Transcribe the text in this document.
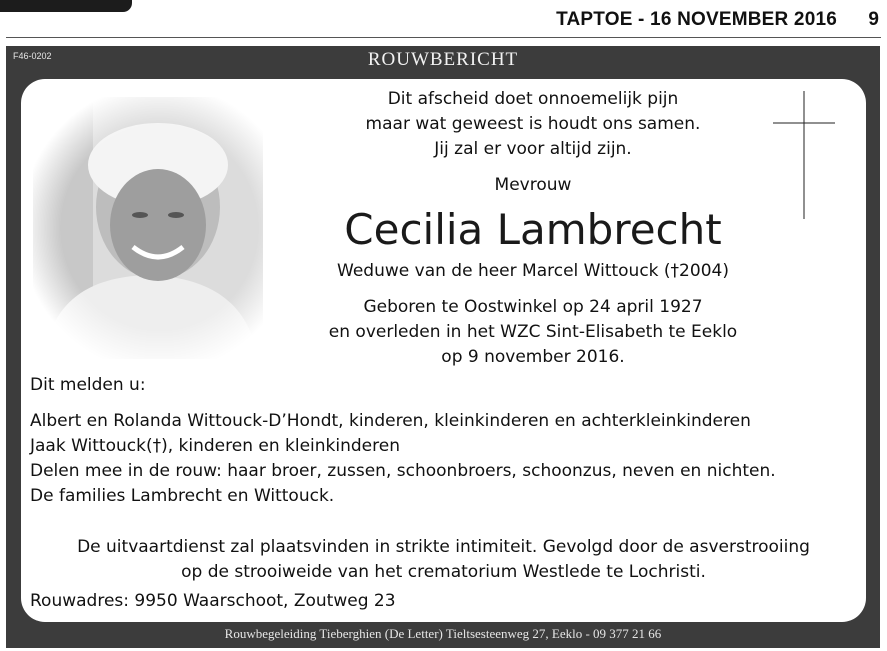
TAPTOE - 16 NOVEMBER 2016 9
F46-0202	ROUWBERICHT
Dit afscheid doet onnoemelijk pijn
maar wat geweest is houdt ons samen.
Jij zal er voor altijd zijn.
Mevrouw
Cecilia Lambrecht
Weduwe van de heer Marcel Wittouck (†2004)
Geboren te Oostwinkel op 24 april 1927
en overleden in het WZC Sint-Elisabeth te Eeklo
op 9 november 2016.
Dit melden u:
Albert en Rolanda Wittouck-D’Hondt, kinderen, kleinkinderen en achterkleinkinderen
Jaak Wittouck(†), kinderen en kleinkinderen
Delen mee in de rouw: haar broer, zussen, schoonbroers, schoonzus, neven en nichten.
De families Lambrecht en Wittouck.
De uitvaartdienst zal plaatsvinden in strikte intimiteit. Gevolgd door de asverstrooiing
op de strooiweide van het crematorium Westlede te Lochristi.
Rouwadres: 9950 Waarschoot, Zoutweg 23
Rouwbegeleiding Tieberghien (De Letter) Tieltsesteenweg 27, Eeklo - 09 377 21 66
